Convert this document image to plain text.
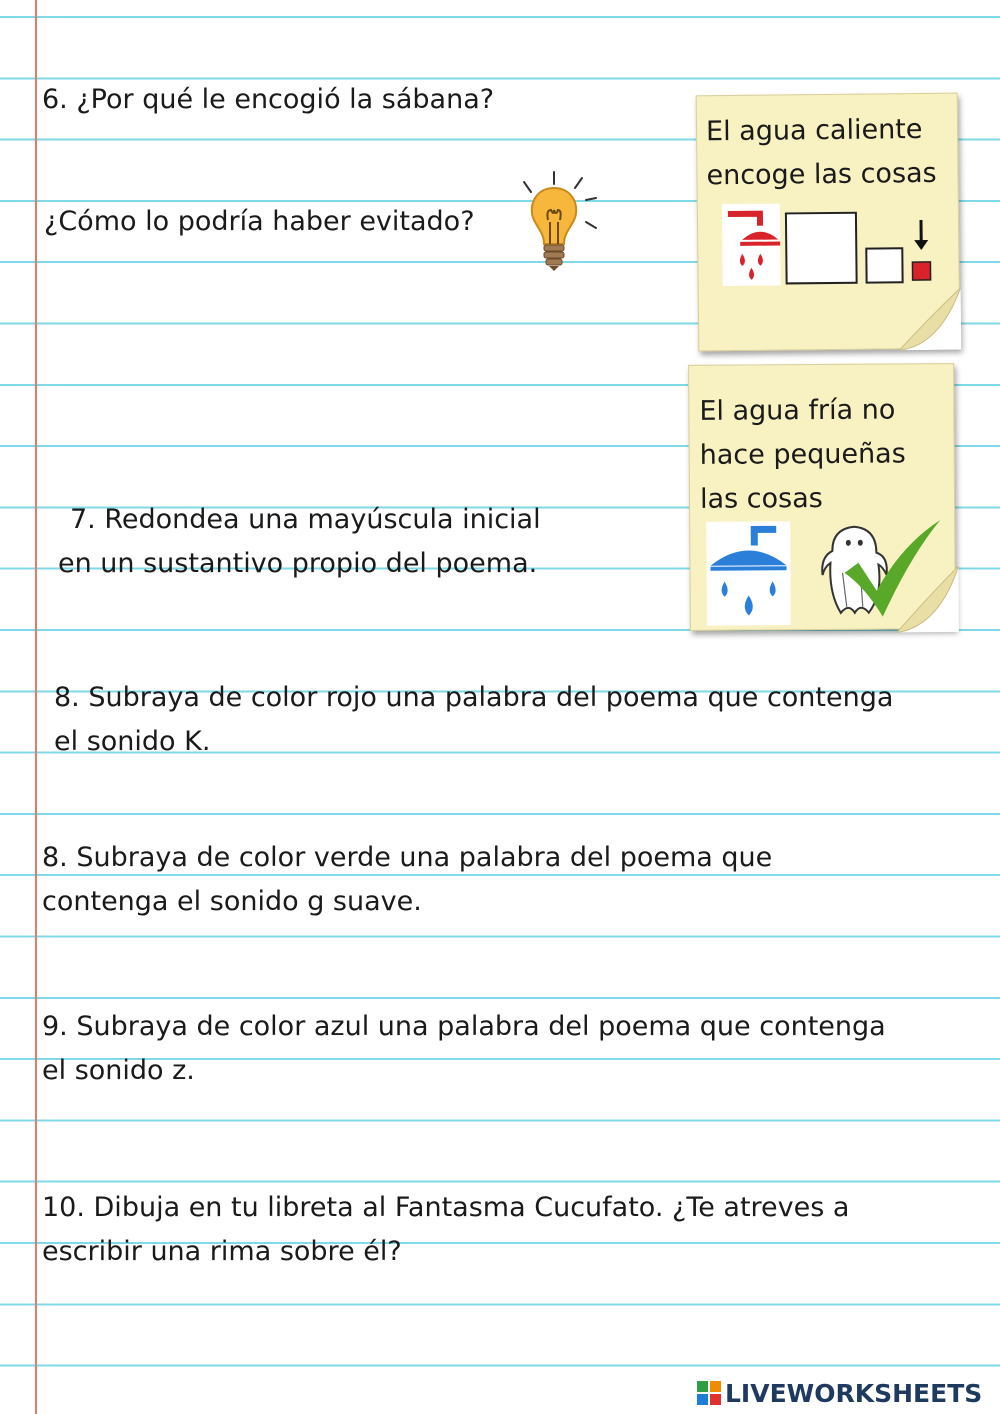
6. ¿Por qué le encogió la sábana?
¿Cómo lo podría haber evitado?
El agua caliente
encoge las cosas
El agua fría no
hace pequeñas
las cosas
7. Redondea una mayúscula inicial
en un sustantivo propio del poema.
8. Subraya de color rojo una palabra del poema que contenga
el sonido K.
8. Subraya de color verde una palabra del poema que
contenga el sonido g suave.
9. Subraya de color azul una palabra del poema que contenga
el sonido z.
10. Dibuja en tu libreta al Fantasma Cucufato. ¿Te atreves a
escribir una rima sobre él?
LIVEWORKSHEETS
